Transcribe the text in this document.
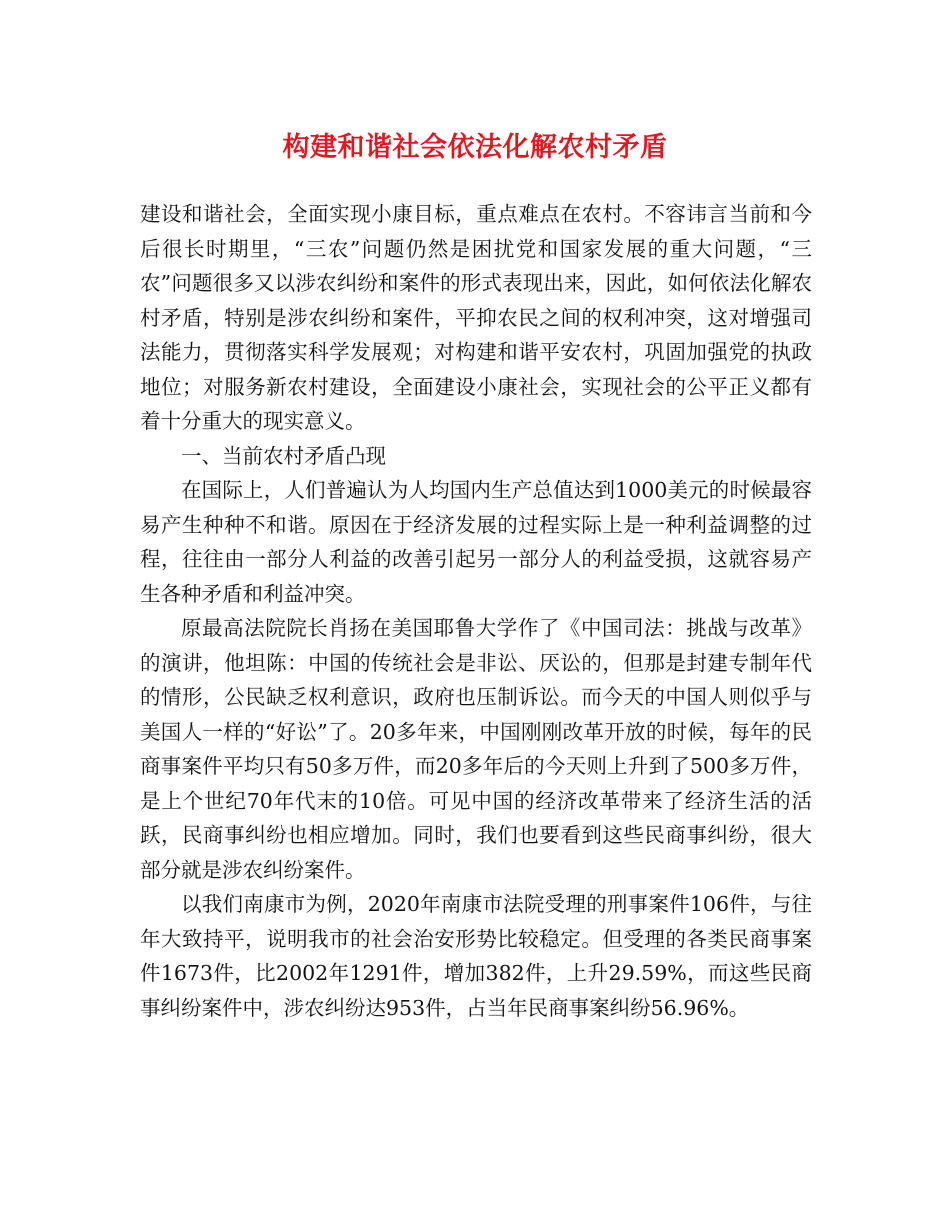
构建和谐社会依法化解农村矛盾

建设和谐社会，全面实现小康目标，重点难点在农村。不容讳言当前和今后很长时期里，“三农”问题仍然是困扰党和国家发展的重大问题，“三农”问题很多又以涉农纠纷和案件的形式表现出来，因此，如何依法化解农村矛盾，特别是涉农纠纷和案件，平抑农民之间的权利冲突，这对增强司法能力，贯彻落实科学发展观；对构建和谐平安农村，巩固加强党的执政地位；对服务新农村建设，全面建设小康社会，实现社会的公平正义都有着十分重大的现实意义。

一、当前农村矛盾凸现

在国际上，人们普遍认为人均国内生产总值达到1000美元的时候最容易产生种种不和谐。原因在于经济发展的过程实际上是一种利益调整的过程，往往由一部分人利益的改善引起另一部分人的利益受损，这就容易产生各种矛盾和利益冲突。

原最高法院院长肖扬在美国耶鲁大学作了《中国司法：挑战与改革》的演讲，他坦陈：中国的传统社会是非讼、厌讼的，但那是封建专制年代的情形，公民缺乏权利意识，政府也压制诉讼。而今天的中国人则似乎与美国人一样的“好讼”了。20多年来，中国刚刚改革开放的时候，每年的民商事案件平均只有50多万件，而20多年后的今天则上升到了500多万件，是上个世纪70年代末的10倍。可见中国的经济改革带来了经济生活的活跃，民商事纠纷也相应增加。同时，我们也要看到这些民商事纠纷，很大部分就是涉农纠纷案件。

以我们南康市为例，2020年南康市法院受理的刑事案件106件，与往年大致持平，说明我市的社会治安形势比较稳定。但受理的各类民商事案件1673件，比2002年1291件，增加382件，上升29.59%，而这些民商事纠纷案件中，涉农纠纷达953件，占当年民商事案纠纷56.96%。
